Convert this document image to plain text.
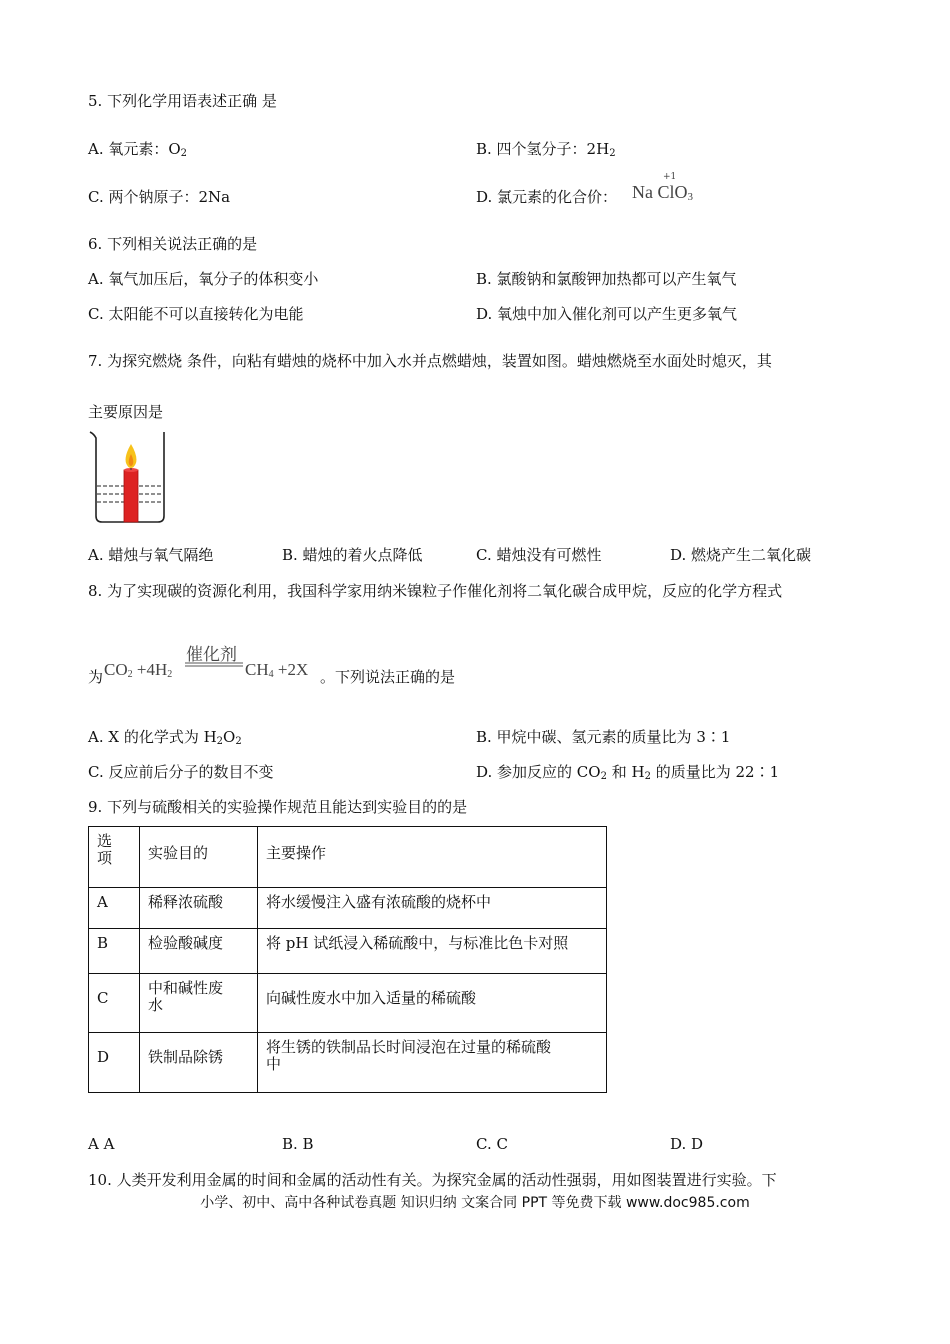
5. 下列化学用语表述正确 是
A. 氧元素：$O_2$	B. 四个氢分子：$2H_2$
C. 两个钠原子：2Na	D. 氯元素的化合价：
+1
Na ClO$_3$
6. 下列相关说法正确的是
A. 氧气加压后，氧分子的体积变小	B. 氯酸钠和氯酸钾加热都可以产生氧气
C. 太阳能不可以直接转化为电能	D. 氧烛中加入催化剂可以产生更多氧气
7. 为探究燃烧 条件，向粘有蜡烛的烧杯中加入水并点燃蜡烛，装置如图。蜡烛燃烧至水面处时熄灭，其
主要原因是
A. 蜡烛与氧气隔绝	B. 蜡烛的着火点降低	C. 蜡烛没有可燃性	D. 燃烧产生二氧化碳
8. 为了实现碳的资源化利用，我国科学家用纳米镍粒子作催化剂将二氧化碳合成甲烷，反应的化学方程式
为 $CO_2 +4H_2$
催化剂
$CH_4 +2X$ 。下列说法正确的是
A. X 的化学式为 $H_2O_2$	B. 甲烷中碳、氢元素的质量比为 3∶1
C. 反应前后分子的数目不变	D. 参加反应的 $CO_2$ 和 $H_2$ 的质量比为 22∶1
9. 下列与硫酸相关的实验操作规范且能达到实验目的的是
选
项	实验目的	主要操作
A	稀释浓硫酸	将水缓慢注入盛有浓硫酸的烧杯中
B	检验酸碱度	将 pH 试纸浸入稀硫酸中，与标准比色卡对照
C	中和碱性废
水	向碱性废水中加入适量的稀硫酸
D	铁制品除锈	将生锈的铁制品长时间浸泡在过量的稀硫酸
中
A A	B. B	C. C	D. D
10. 人类开发利用金属的时间和金属的活动性有关。为探究金属的活动性强弱，用如图装置进行实验。下
小学、初中、高中各种试卷真题 知识归纳 文案合同 PPT 等免费下载 www.doc985.com
